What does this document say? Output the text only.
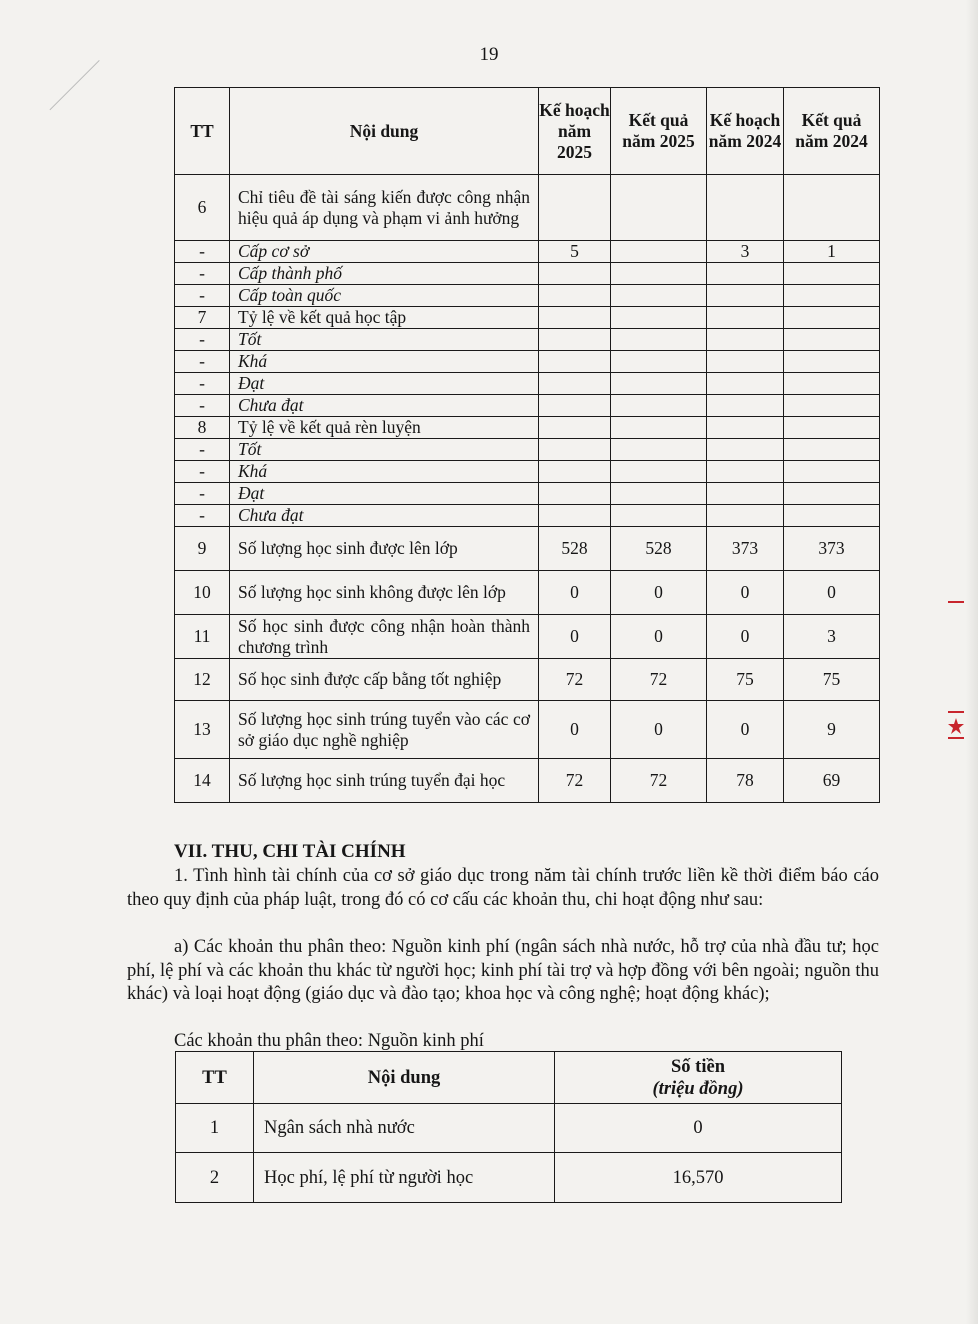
19
TT	Nội dung	Kế hoạch năm 2025	Kết quả năm 2025	Kế hoạch năm 2024	Kết quả năm 2024
6	Chỉ tiêu đề tài sáng kiến được công nhận hiệu quả áp dụng và phạm vi ảnh hưởng				
-	Cấp cơ sở	5		3	1
-	Cấp thành phố				
-	Cấp toàn quốc				
7	Tỷ lệ về kết quả học tập				
-	Tốt				
-	Khá				
-	Đạt				
-	Chưa đạt				
8	Tỷ lệ về kết quả rèn luyện				
-	Tốt				
-	Khá				
-	Đạt				
-	Chưa đạt				
9	Số lượng học sinh được lên lớp	528	528	373	373
10	Số lượng học sinh không được lên lớp	0	0	0	0
11	Số học sinh được công nhận hoàn thành chương trình	0	0	0	3
12	Số học sinh được cấp bằng tốt nghiệp	72	72	75	75
13	Số lượng học sinh trúng tuyển vào các cơ sở giáo dục nghề nghiệp	0	0	0	9
14	Số lượng học sinh trúng tuyển đại học	72	72	78	69
VII. THU, CHI TÀI CHÍNH
1. Tình hình tài chính của cơ sở giáo dục trong năm tài chính trước liền kề thời điểm báo cáo theo quy định của pháp luật, trong đó có cơ cấu các khoản thu, chi hoạt động như sau:
a) Các khoản thu phân theo: Nguồn kinh phí (ngân sách nhà nước, hỗ trợ của nhà đầu tư; học phí, lệ phí và các khoản thu khác từ người học; kinh phí tài trợ và hợp đồng với bên ngoài; nguồn thu khác) và loại hoạt động (giáo dục và đào tạo; khoa học và công nghệ; hoạt động khác);
Các khoản thu phân theo: Nguồn kinh phí
TT	Nội dung	Số tiền
(triệu đồng)

1	Ngân sách nhà nước	0
2	Học phí, lệ phí từ người học	16,570
